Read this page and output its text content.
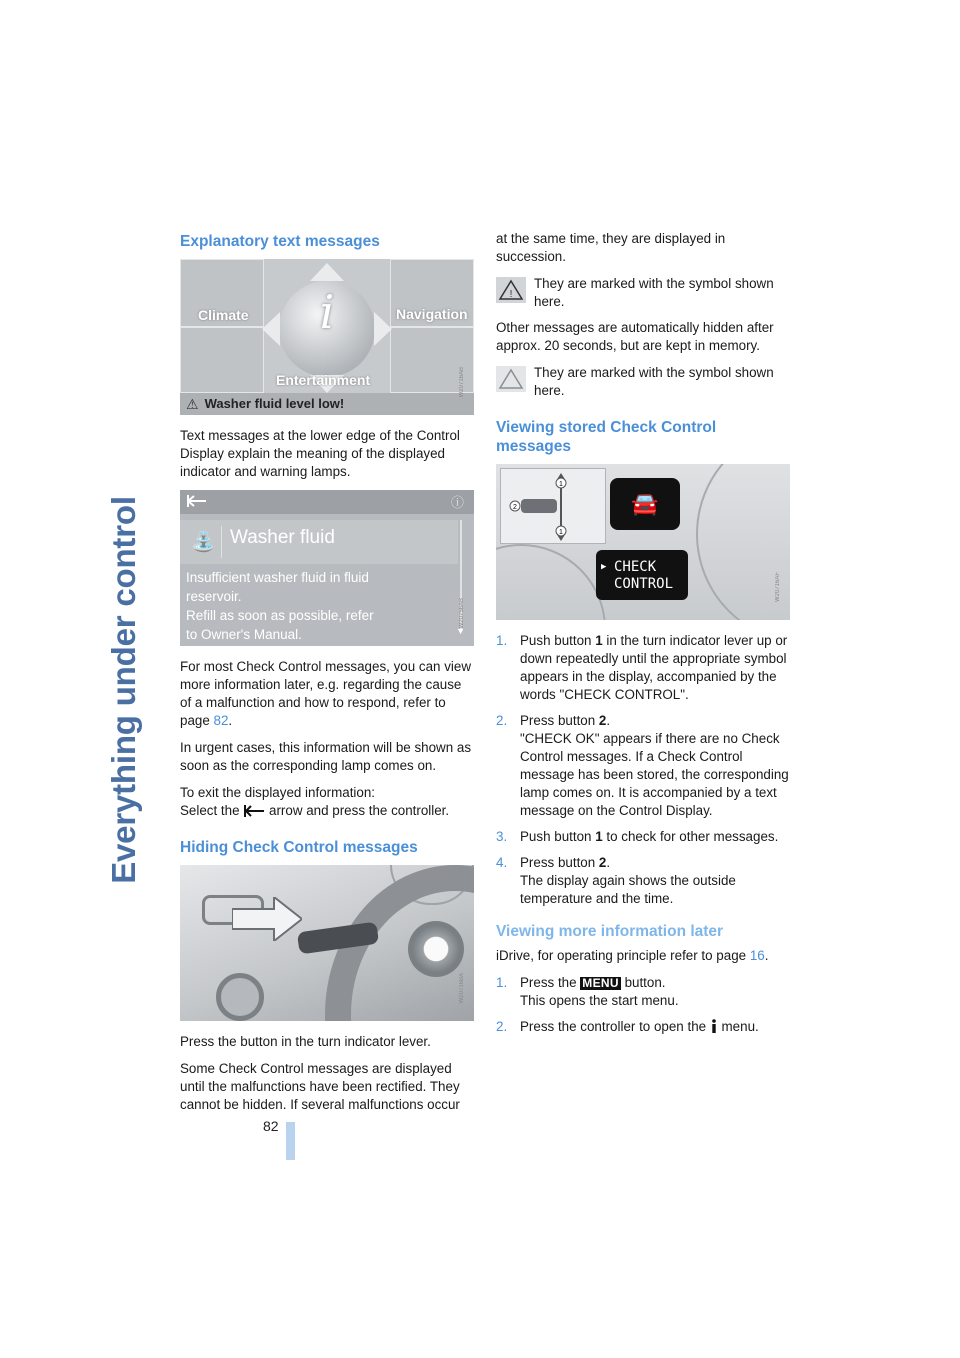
Everything under control
Explanatory text messages
i
Climate	Navigation
Entertainment
⚠ Washer fluid level low!
W20716AB

Text messages at the lower edge of the Control Display explain the meaning of the displayed indicator and warning lamps.

ⓘ
⛲ Washer fluid
Insufficient washer fluid in fluid
reservoir.
Refill as soon as possible, refer
to Owner's Manual.	▼
W20756AB

For most Check Control messages, you can view more information later, e.g. regarding the cause of a malfunction and how to respond, refer to page 82.

In urgent cases, this information will be shown as soon as the corresponding lamp comes on.

To exit the displayed information:
Select the  arrow and press the controller.

Hiding Check Control messages
W20716BA

Press the button in the turn indicator lever.

Some Check Control messages are displayed until the malfunctions have been rectified. They cannot be hidden. If several malfunctions occur

at the same time, they are displayed in succession.

!
They are marked with the symbol shown here.

Other messages are automatically hidden after approx. 20 seconds, but are kept in memory.

They are marked with the symbol shown here.
Viewing stored Check Control messages
1
1
2	🚘
▶ CHECK
CONTROL	W20716AF
1. Push button 1 in the turn indicator lever up or down repeatedly until the appropriate symbol appears in the display, accompanied by the words "CHECK CONTROL".
2. Press button 2.
"CHECK OK" appears if there are no Check Control messages. If a Check Control message has been stored, the corresponding lamp comes on. It is accompanied by a text message on the Control Display.
3. Push button 1 to check for other messages.
4. Press button 2.
The display again shows the outside temperature and the time.
Viewing more information later

iDrive, for operating principle refer to page 16.

1. Press the MENU button.
This opens the start menu.
2. Press the controller to open the  menu.
82
